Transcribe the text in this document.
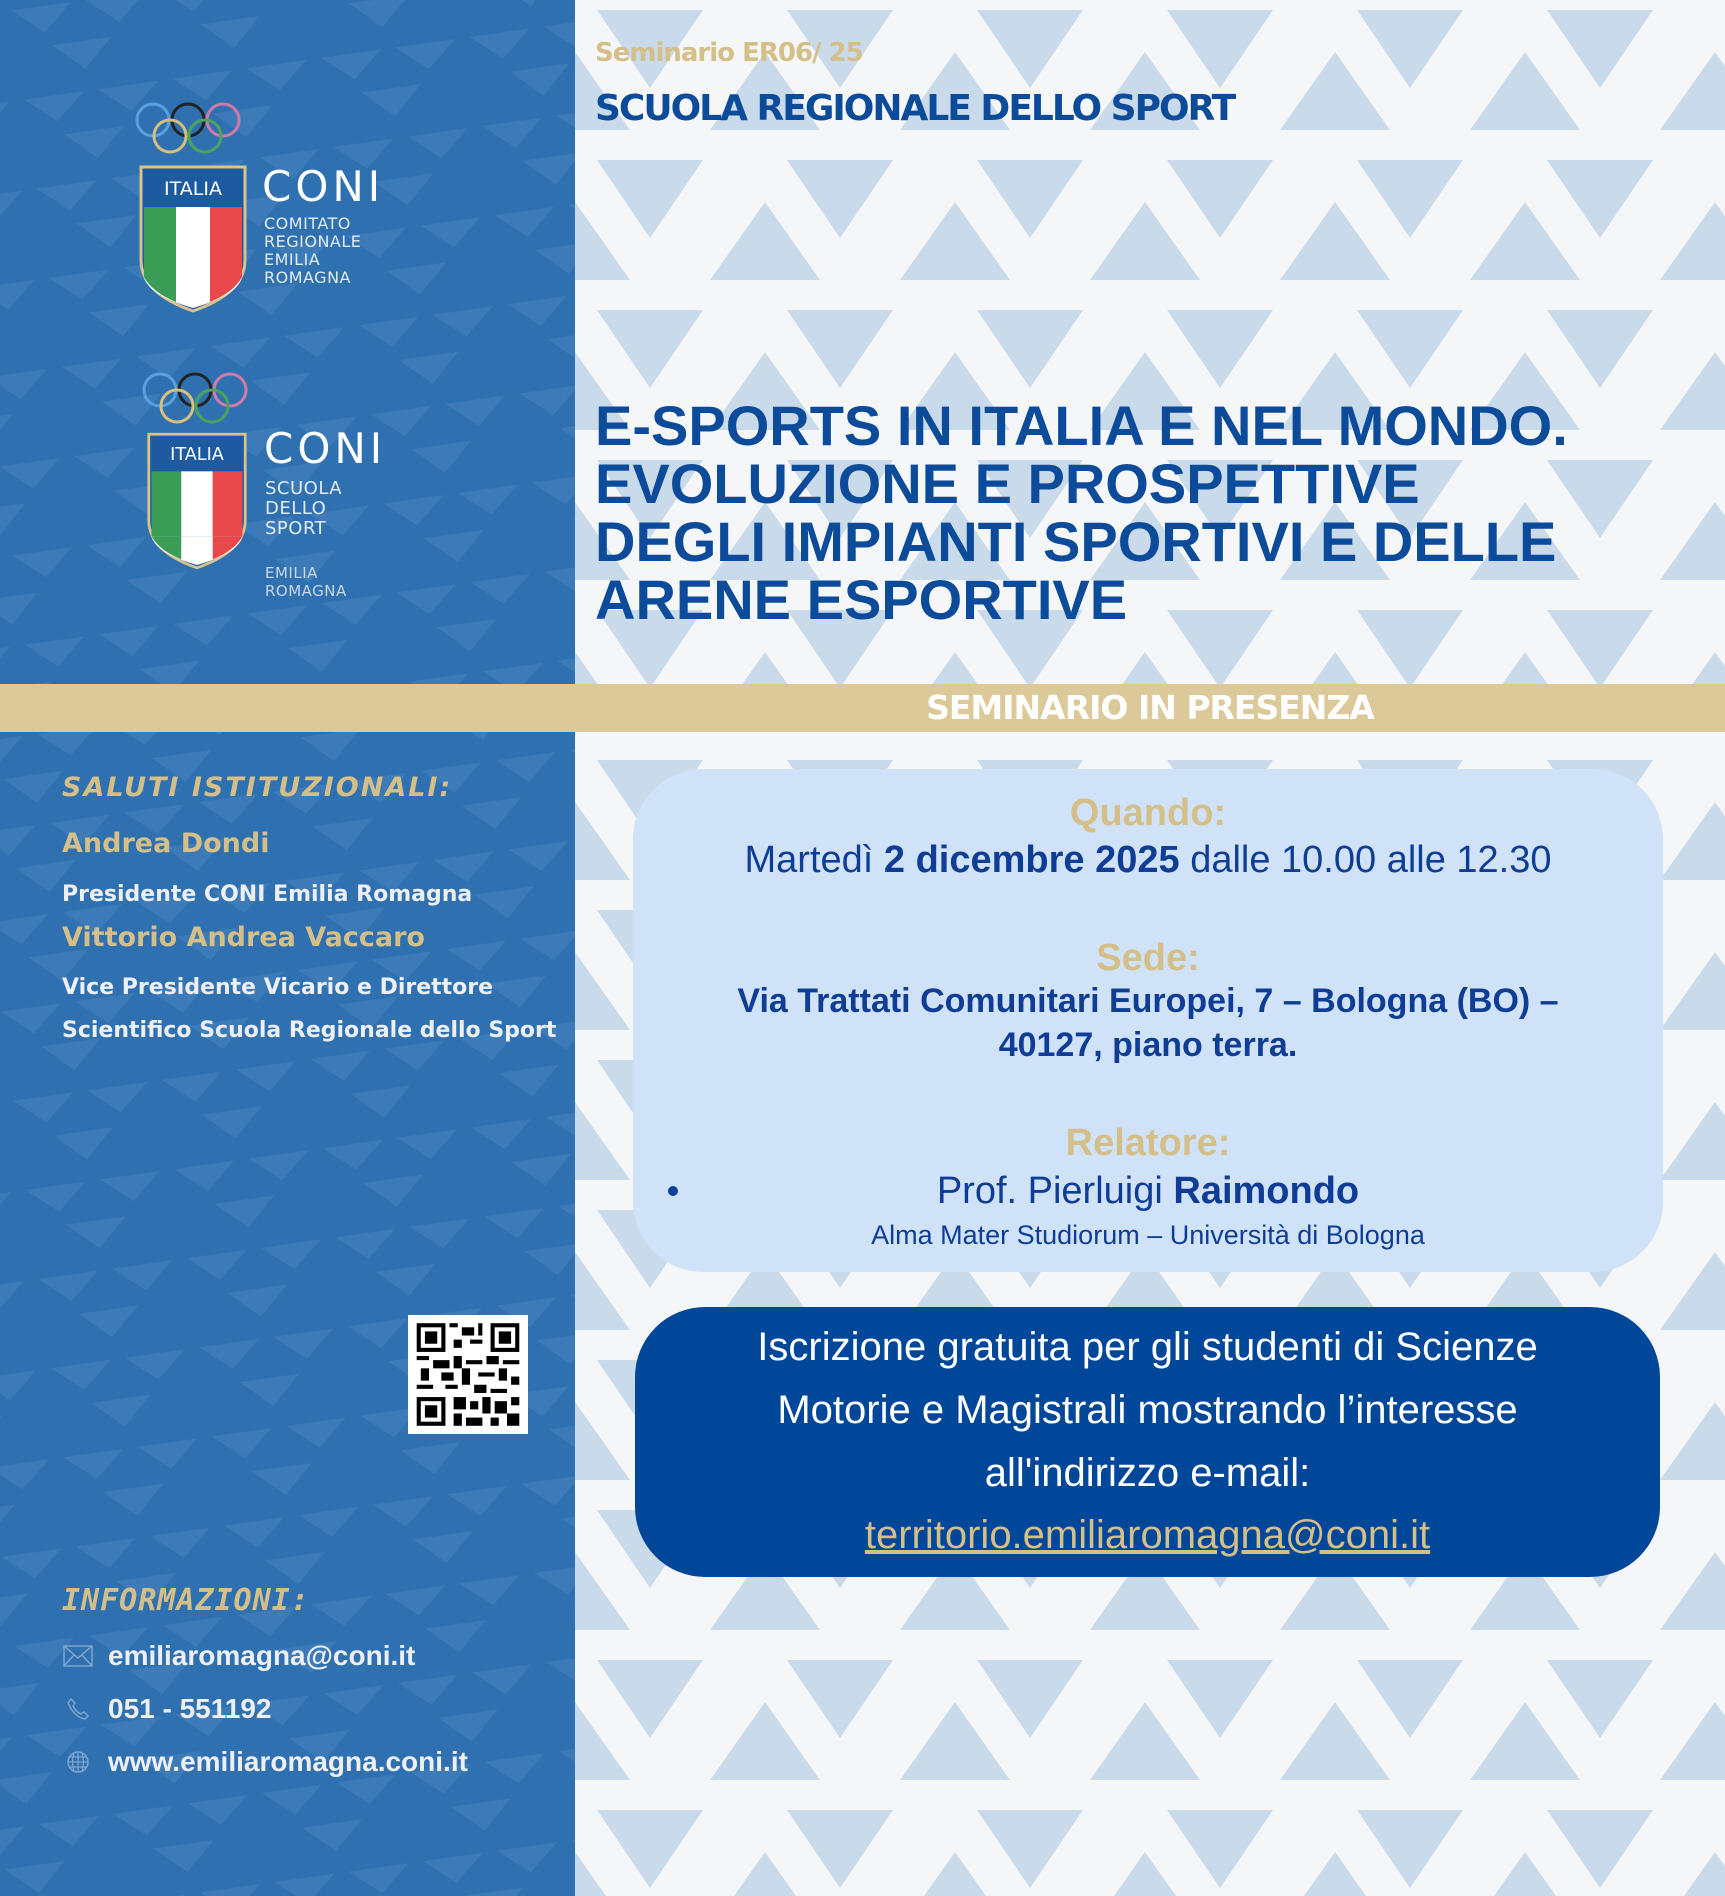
ITALIA CONI
COMITATO
REGIONALE
EMILIA ROMAGNA
ITALIA CONI
SCUOLA
DELLO SPORT
EMILIA ROMAGNA
SALUTI ISTITUZIONALI:
Andrea Dondi
Presidente CONI Emilia Romagna
Vittorio Andrea Vaccaro
Vice Presidente Vicario e Direttore
Scientifico Scuola Regionale dello Sport
INFORMAZIONI:
emiliaromagna@coni.it
051 - 551192
www.emiliaromagna.coni.it
Seminario ER06/ 25
SCUOLA REGIONALE DELLO SPORT
E-SPORTS IN ITALIA E NEL MONDO.
EVOLUZIONE E PROSPETTIVE
DEGLI IMPIANTI SPORTIVI E DELLE
ARENE ESPORTIVE
SEMINARIO IN PRESENZA
Quando:
Martedì 2 dicembre 2025 dalle 10.00 alle 12.30
Sede:
Via Trattati Comunitari Europei, 7 – Bologna (BO) –
40127, piano terra.
Relatore:
Prof. Pierluigi Raimondo
Alma Mater Studiorum – Università di Bologna
Iscrizione gratuita per gli studenti di Scienze
Motorie e Magistrali mostrando l’interesse
all'indirizzo e-mail:
territorio.emiliaromagna@coni.it
